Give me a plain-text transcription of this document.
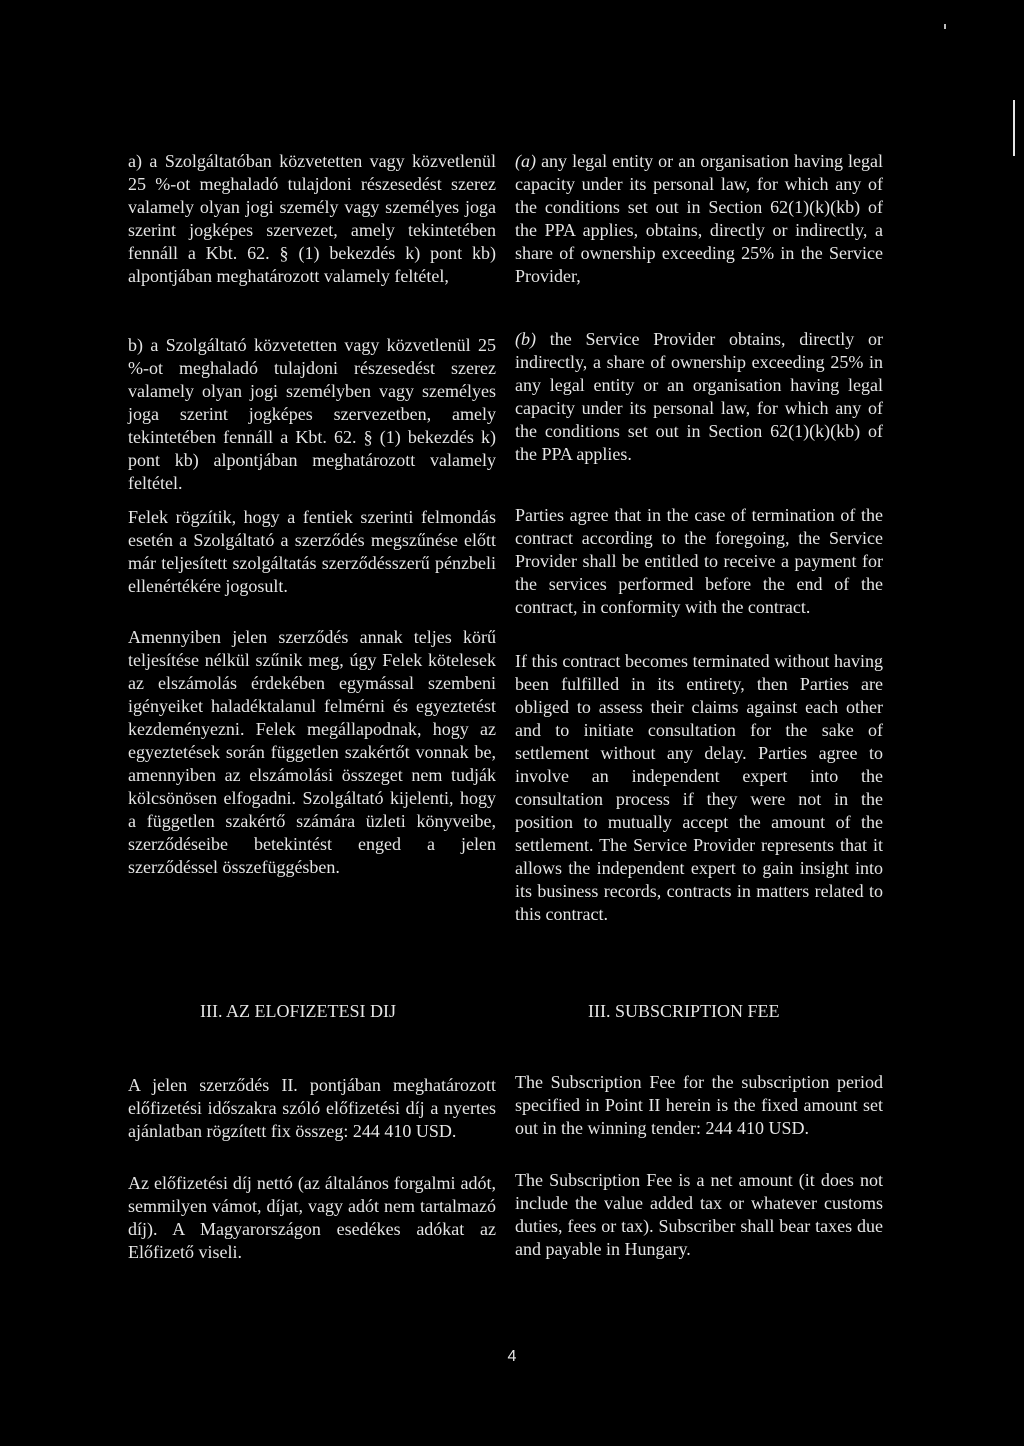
a) a Szolgáltatóban közvetetten vagy közvetlenül 25 %-ot meghaladó tulajdoni részesedést szerez valamely olyan jogi személy vagy személyes joga szerint jogképes szervezet, amely tekintetében fennáll a Kbt. 62. § (1) bekezdés k) pont kb) alpontjában meghatározott valamely feltétel,

b) a Szolgáltató közvetetten vagy közvetlenül 25 %-ot meghaladó tulajdoni részesedést szerez valamely olyan jogi személyben vagy személyes joga szerint jogképes szervezetben, amely tekintetében fennáll a Kbt. 62. § (1) bekezdés k) pont kb) alpontjában meghatározott valamely feltétel.

Felek rögzítik, hogy a fentiek szerinti felmondás esetén a Szolgáltató a szerződés megszűnése előtt már teljesített szolgáltatás szerződésszerű pénzbeli ellenértékére jogosult.

Amennyiben jelen szerződés annak teljes körű teljesítése nélkül szűnik meg, úgy Felek kötelesek az elszámolás érdekében egymással szembeni igényeiket haladéktalanul felmérni és egyeztetést kezdeményezni. Felek megállapodnak, hogy az egyeztetések során független szakértőt vonnak be, amennyiben az elszámolási összeget nem tudják kölcsönösen elfogadni. Szolgáltató kijelenti, hogy a független szakértő számára üzleti könyveibe, szerződéseibe betekintést enged a jelen szerződéssel összefüggésben.

A jelen szerződés II. pontjában meghatározott előfizetési időszakra szóló előfizetési díj a nyertes ajánlatban rögzített fix összeg: 244 410 USD.

Az előfizetési díj nettó (az általános forgalmi adót, semmilyen vámot, díjat, vagy adót nem tartalmazó díj). A Magyarországon esedékes adókat az Előfizető viseli.

(a) any legal entity or an organisation having legal capacity under its personal law, for which any of the conditions set out in Section 62(1)(k)(kb) of the PPA applies, obtains, directly or indirectly, a share of ownership exceeding 25% in the Service Provider,

(b) the Service Provider obtains, directly or indirectly, a share of ownership exceeding 25% in any legal entity or an organisation having legal capacity under its personal law, for which any of the conditions set out in Section 62(1)(k)(kb) of the PPA applies.

Parties agree that in the case of termination of the contract according to the foregoing, the Service Provider shall be entitled to receive a payment for the services performed before the end of the contract, in conformity with the contract.

If this contract becomes terminated without having been fulfilled in its entirety, then Parties are obliged to assess their claims against each other and to initiate consultation for the sake of settlement without any delay. Parties agree to involve an independent expert into the consultation process if they were not in the position to mutually accept the amount of the settlement. The Service Provider represents that it allows the independent expert to gain insight into its business records, contracts in matters related to this contract.

The Subscription Fee for the subscription period specified in Point II herein is the fixed amount set out in the winning tender: 244 410 USD.

The Subscription Fee is a net amount (it does not include the value added tax or whatever customs duties, fees or tax). Subscriber shall bear taxes due and payable in Hungary.

III. AZ ELOFIZETESI DIJ	III. SUBSCRIPTION FEE
4
